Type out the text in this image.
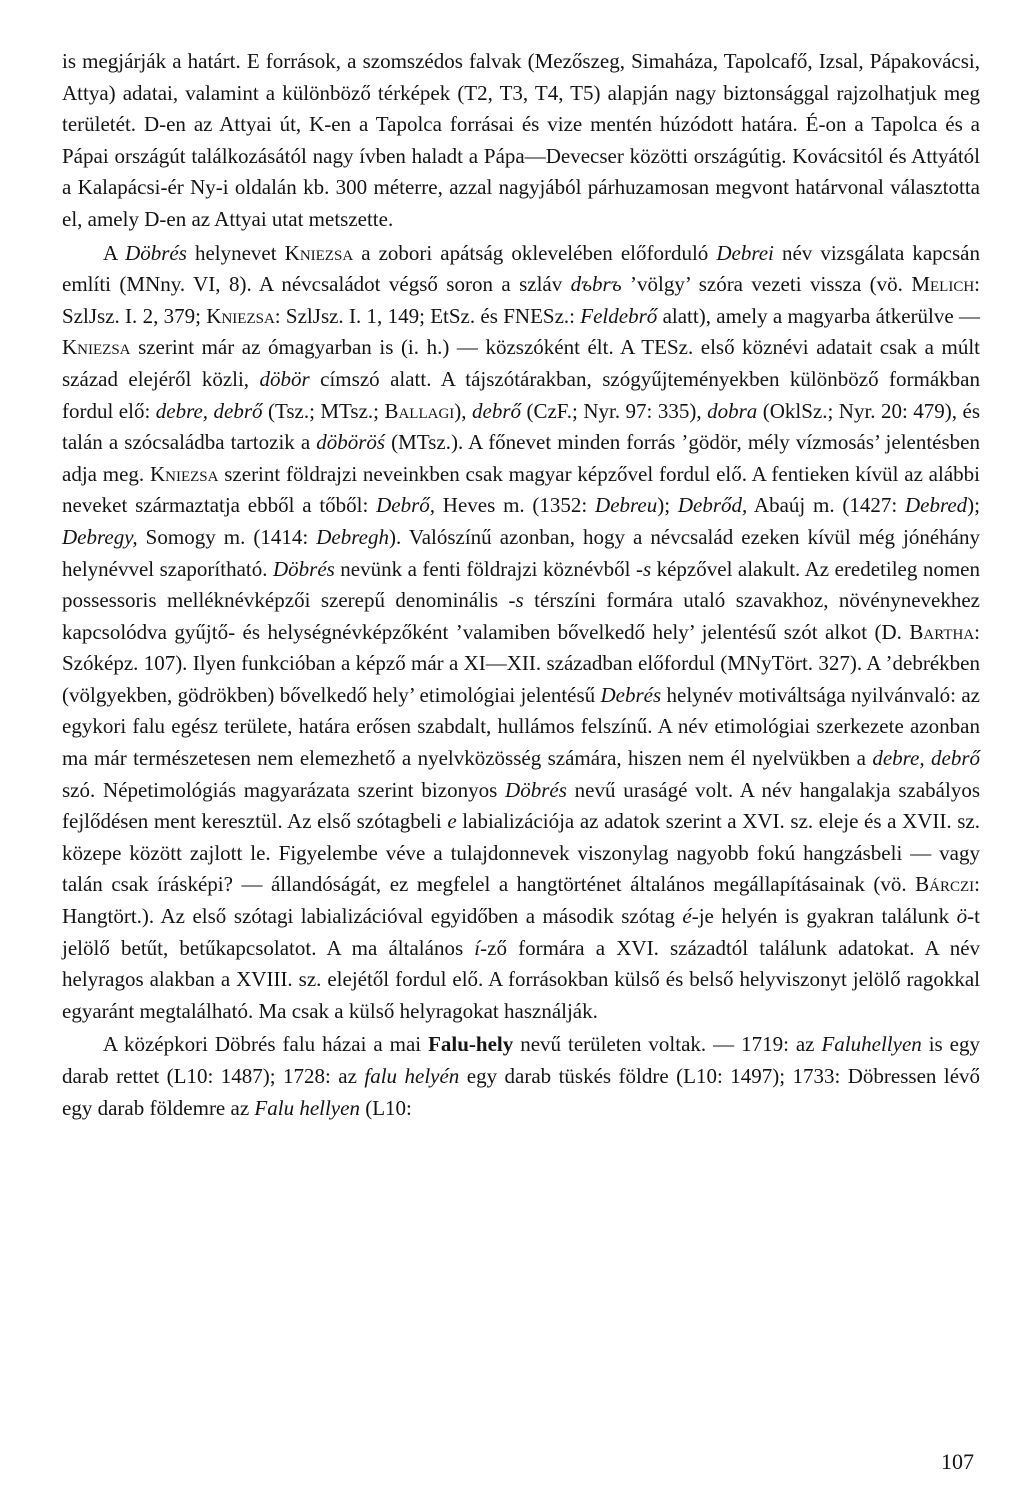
is megjárják a határt. E források, a szomszédos falvak (Mezőszeg, Simaháza, Tapolcafő, Izsal, Pápakovácsi, Attya) adatai, valamint a különböző térképek (T2, T3, T4, T5) alapján nagy biztonsággal rajzolhatjuk meg területét. D-en az Attyai út, K-en a Tapolca forrásai és vize mentén húzódott határa. É-on a Tapolca és a Pápai országút találkozásától nagy ívben haladt a Pápa—Devecser közötti országútig. Kovácsitól és Attyától a Kalapácsi-ér Ny-i oldalán kb. 300 méterre, azzal nagyjából párhuzamosan megvont határvonal választotta el, amely D-en az Attyai utat metszette.

A Döbrés helynevet Kniezsa a zobori apátság oklevelében előforduló Debrei név vizsgálata kapcsán említi (MNny. VI, 8). A névcsaládot végső soron a szláv dъbrъ ’völgy’ szóra vezeti vissza (vö. Melich: SzlJsz. I. 2, 379; Kniezsa: SzlJsz. I. 1, 149; EtSz. és FNESz.: Feldebrő alatt), amely a magyarba átkerülve — Kniezsa szerint már az ómagyarban is (i. h.) — közszóként élt. A TESz. első köznévi adatait csak a múlt század elejéről közli, döbör címszó alatt. A tájszótárakban, szógyűjteményekben különböző formákban fordul elő: debre, debrő (Tsz.; MTsz.; Ballagi), debrő (CzF.; Nyr. 97: 335), dobra (OklSz.; Nyr. 20: 479), és talán a szócsaládba tartozik a döböröś (MTsz.). A főnevet minden forrás ’gödör, mély vízmosás’ jelentésben adja meg. Kniezsa szerint földrajzi neveinkben csak magyar képzővel fordul elő. A fentieken kívül az alábbi neveket származtatja ebből a tőből: Debrő, Heves m. (1352: Debreu); Debrőd, Abaúj m. (1427: Debred); Debregy, Somogy m. (1414: Debregh). Valószínű azonban, hogy a névcsalád ezeken kívül még jónéhány helynévvel szaporítható. Döbrés nevünk a fenti földrajzi köznévből -s képzővel alakult. Az eredetileg nomen possessoris melléknévképzői szerepű denominális -s térszíni formára utaló szavakhoz, növénynevekhez kapcsolódva gyűjtő- és helységnévképzőként ’valamiben bővelkedő hely’ jelentésű szót alkot (D. Bartha: Szóképz. 107). Ilyen funkcióban a képző már a XI—XII. században előfordul (MNyTört. 327). A ’debrékben (völgyekben, gödrökben) bővelkedő hely’ etimológiai jelentésű Debrés helynév motiváltsága nyilvánvaló: az egykori falu egész területe, határa erősen szabdalt, hullámos felszínű. A név etimológiai szerkezete azonban ma már természetesen nem elemezhető a nyelvközösség számára, hiszen nem él nyelvükben a debre, debrő szó. Népetimológiás magyarázata szerint bizonyos Döbrés nevű uraságé volt. A név hangalakja szabályos fejlődésen ment keresztül. Az első szótagbeli e labializációja az adatok szerint a XVI. sz. eleje és a XVII. sz. közepe között zajlott le. Figyelembe véve a tulajdonnevek viszonylag nagyobb fokú hangzásbeli — vagy talán csak írásképi? — állandóságát, ez megfelel a hangtörténet általános megállapításainak (vö. Bárczi: Hangtört.). Az első szótagi labializációval egyidőben a második szótag é-je helyén is gyakran találunk ö-t jelölő betűt, betűkapcsolatot. A ma általános í-ző formára a XVI. századtól találunk adatokat. A név helyragos alakban a XVIII. sz. elejétől fordul elő. A forrásokban külső és belső helyviszonyt jelölő ragokkal egyaránt megtalálható. Ma csak a külső helyragokat használják.

A középkori Döbrés falu házai a mai Falu-hely nevű területen voltak. — 1719: az Faluhellyen is egy darab rettet (L10: 1487); 1728: az falu helyén egy darab tüskés földre (L10: 1497); 1733: Döbressen lévő egy darab földemre az Falu hellyen (L10:

107
